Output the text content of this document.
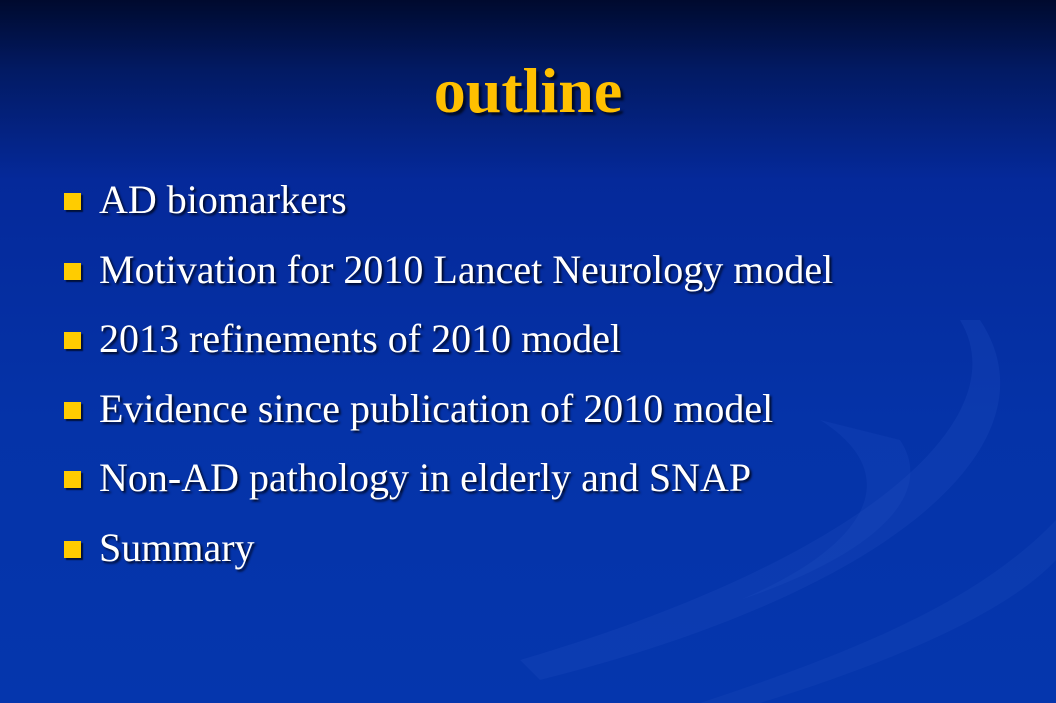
outline
AD biomarkers
Motivation for 2010 Lancet Neurology model
2013 refinements of 2010 model
Evidence since publication of 2010 model
Non-AD pathology in elderly and SNAP
Summary
